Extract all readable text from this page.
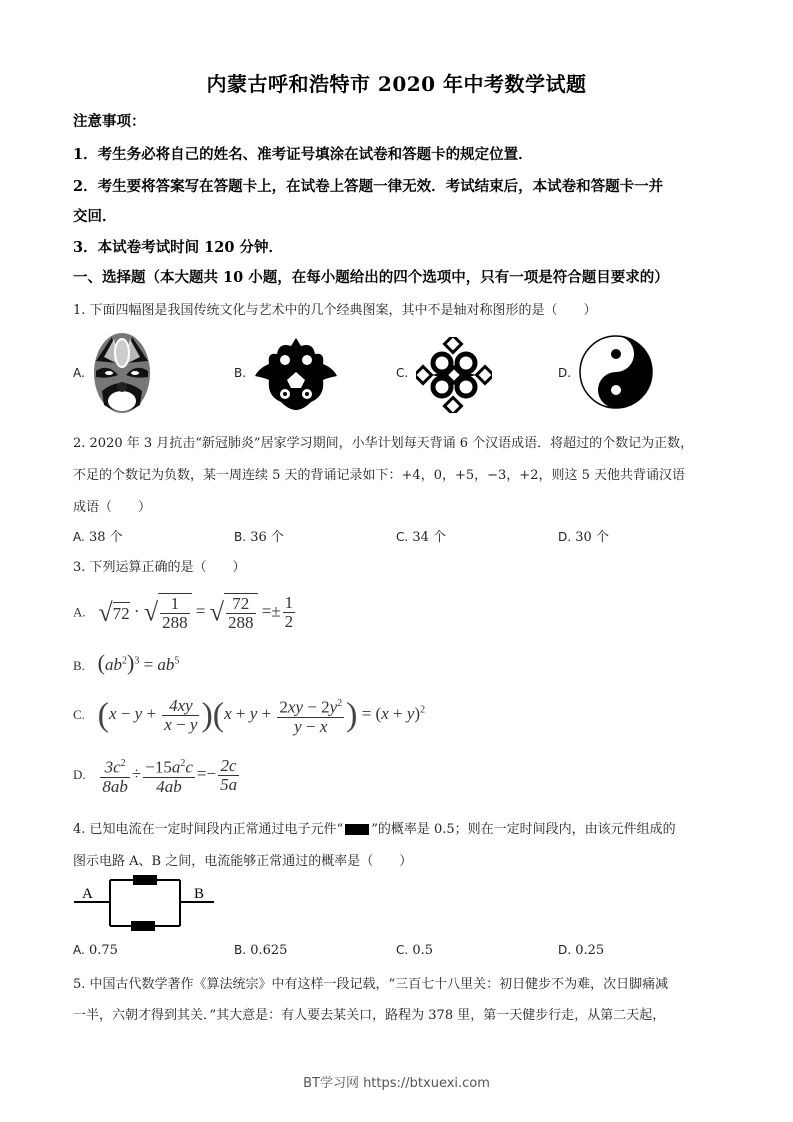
内蒙古呼和浩特市 2020 年中考数学试题
注意事项：
1．考生务必将自己的姓名、准考证号填涂在试卷和答题卡的规定位置．
2．考生要将答案写在答题卡上，在试卷上答题一律无效．考试结束后，本试卷和答题卡一并
交回．
3．本试卷考试时间 120 分钟．
一、选择题（本大题共 10 小题，在每小题给出的四个选项中，只有一项是符合题目要求的）
1. 下面四幅图是我国传统文化与艺术中的几个经典图案，其中不是轴对称图形的是（　　）
A.	B.	C.	D.
2. 2020 年 3 月抗击“新冠肺炎”居家学习期间，小华计划每天背诵 6 个汉语成语．将超过的个数记为正数，
不足的个数记为负数，某一周连续 5 天的背诵记录如下：+4，0，+5，−3，+2，则这 5 天他共背诵汉语
成语（　　）
A. 38 个	B. 36 个	C. 34 个	D. 30 个
3. 下列运算正确的是（　　）
A. √72 · √ $\frac{1}{288}$ = √ $\frac{72}{288} =\pm \frac{1}{2}$
B. $(ab^2)^3 = ab^5$
C. $(x - y + \frac{4xy}{x - y} )(x + y + \frac{2xy - 2y^2}{y - x}$ ) = $(x + y)^2$
D. $\frac{3c^2}{8ab} \div \frac{-15a^2c}{4ab} =- \frac{2c}{5a}$
4. 已知电流在一定时间段内正常通过电子元件“ ”的概率是 0.5；则在一定时间段内，由该元件组成的
图示电路 A、B 之间，电流能够正常通过的概率是（　　）
A	B
A. 0.75	B. 0.625	C. 0.5	D. 0.25
5. 中国古代数学著作《算法统宗》中有这样一段记载，“三百七十八里关：初日健步不为难，次日脚痛减
一半，六朝才得到其关．”其大意是：有人要去某关口，路程为 378 里，第一天健步行走，从第二天起，
BT学习网 https://btxuexi.com
